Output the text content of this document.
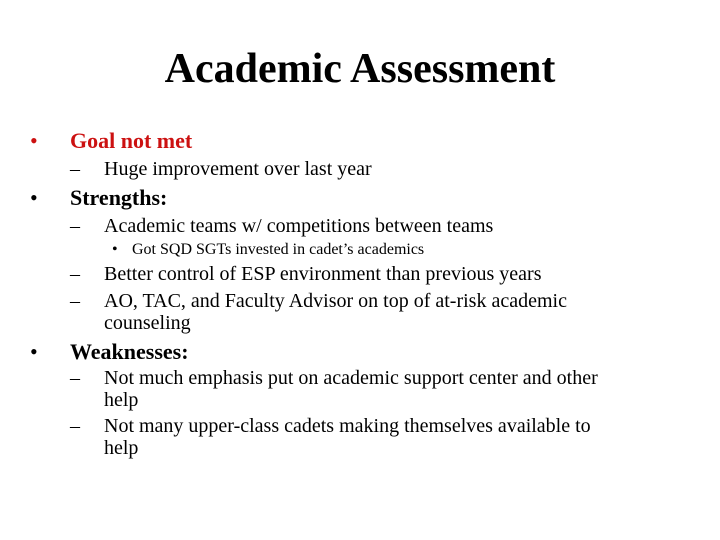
Academic Assessment
• Goal not met
– Huge improvement over last year
• Strengths:
– Academic teams w/ competitions between teams
• Got SQD SGTs invested in cadet’s academics
– Better control of ESP environment than previous years
– AO, TAC, and Faculty Advisor on top of at-risk academic
counseling
• Weaknesses:
– Not much emphasis put on academic support center and other
help
– Not many upper-class cadets making themselves available to
help
